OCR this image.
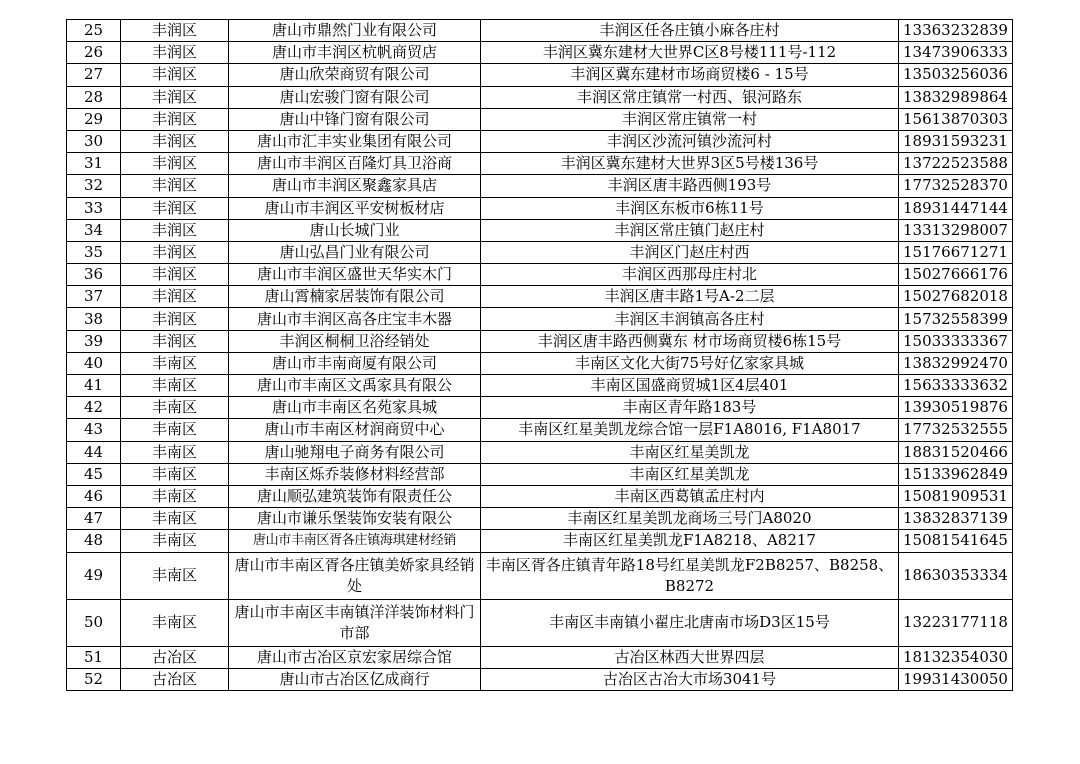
25	丰润区	唐山市鼎然门业有限公司	丰润区任各庄镇小麻各庄村	13363232839
26	丰润区	唐山市丰润区杭帆商贸店	丰润区冀东建材大世界C区8号楼111号-112	13473906333
27	丰润区	唐山欣荣商贸有限公司	丰润区冀东建材市场商贸楼6 - 15号	13503256036
28	丰润区	唐山宏骏门窗有限公司	丰润区常庄镇常一村西、银河路东	13832989864
29	丰润区	唐山中锋门窗有限公司	丰润区常庄镇常一村	15613870303
30	丰润区	唐山市汇丰实业集团有限公司	丰润区沙流河镇沙流河村	18931593231
31	丰润区	唐山市丰润区百隆灯具卫浴商	丰润区冀东建材大世界3区5号楼136号	13722523588
32	丰润区	唐山市丰润区聚鑫家具店	丰润区唐丰路西侧193号	17732528370
33	丰润区	唐山市丰润区平安树板材店	丰润区东板市6栋11号	18931447144
34	丰润区	唐山长城门业	丰润区常庄镇门赵庄村	13313298007
35	丰润区	唐山弘昌门业有限公司	丰润区门赵庄村西	15176671271
36	丰润区	唐山市丰润区盛世天华实木门	丰润区西那母庄村北	15027666176
37	丰润区	唐山霄楠家居装饰有限公司	丰润区唐丰路1号A-2二层	15027682018
38	丰润区	唐山市丰润区高各庄宝丰木器	丰润区丰润镇高各庄村	15732558399
39	丰润区	丰润区桐桐卫浴经销处	丰润区唐丰路西侧冀东 材市场商贸楼6栋15号	15033333367
40	丰南区	唐山市丰南商厦有限公司	丰南区文化大街75号好亿家家具城	13832992470
41	丰南区	唐山市丰南区文禹家具有限公	丰南区国盛商贸城1区4层401	15633333632
42	丰南区	唐山市丰南区名苑家具城	丰南区青年路183号	13930519876
43	丰南区	唐山市丰南区材润商贸中心	丰南区红星美凯龙综合馆一层F1A8016, F1A8017	17732532555
44	丰南区	唐山驰翔电子商务有限公司	丰南区红星美凯龙	18831520466
45	丰南区	丰南区烁乔装修材料经营部	丰南区红星美凯龙	15133962849
46	丰南区	唐山顺弘建筑装饰有限责任公	丰南区西葛镇孟庄村内	15081909531
47	丰南区	唐山市谦乐堡装饰安装有限公	丰南区红星美凯龙商场三号门A8020	13832837139
48	丰南区	唐山市丰南区胥各庄镇海琪建材经销	丰南区红星美凯龙F1A8218、A8217	15081541645
49	丰南区	唐山市丰南区胥各庄镇美娇家具经销处	丰南区胥各庄镇青年路18号红星美凯龙F2B8257、B8258、B8272	18630353334
50	丰南区	唐山市丰南区丰南镇洋洋装饰材料门市部	丰南区丰南镇小翟庄北唐南市场D3区15号	13223177118
51	古冶区	唐山市古冶区京宏家居综合馆	古冶区林西大世界四层	18132354030
52	古冶区	唐山市古冶区亿成商行	古冶区古冶大市场3041号	19931430050
